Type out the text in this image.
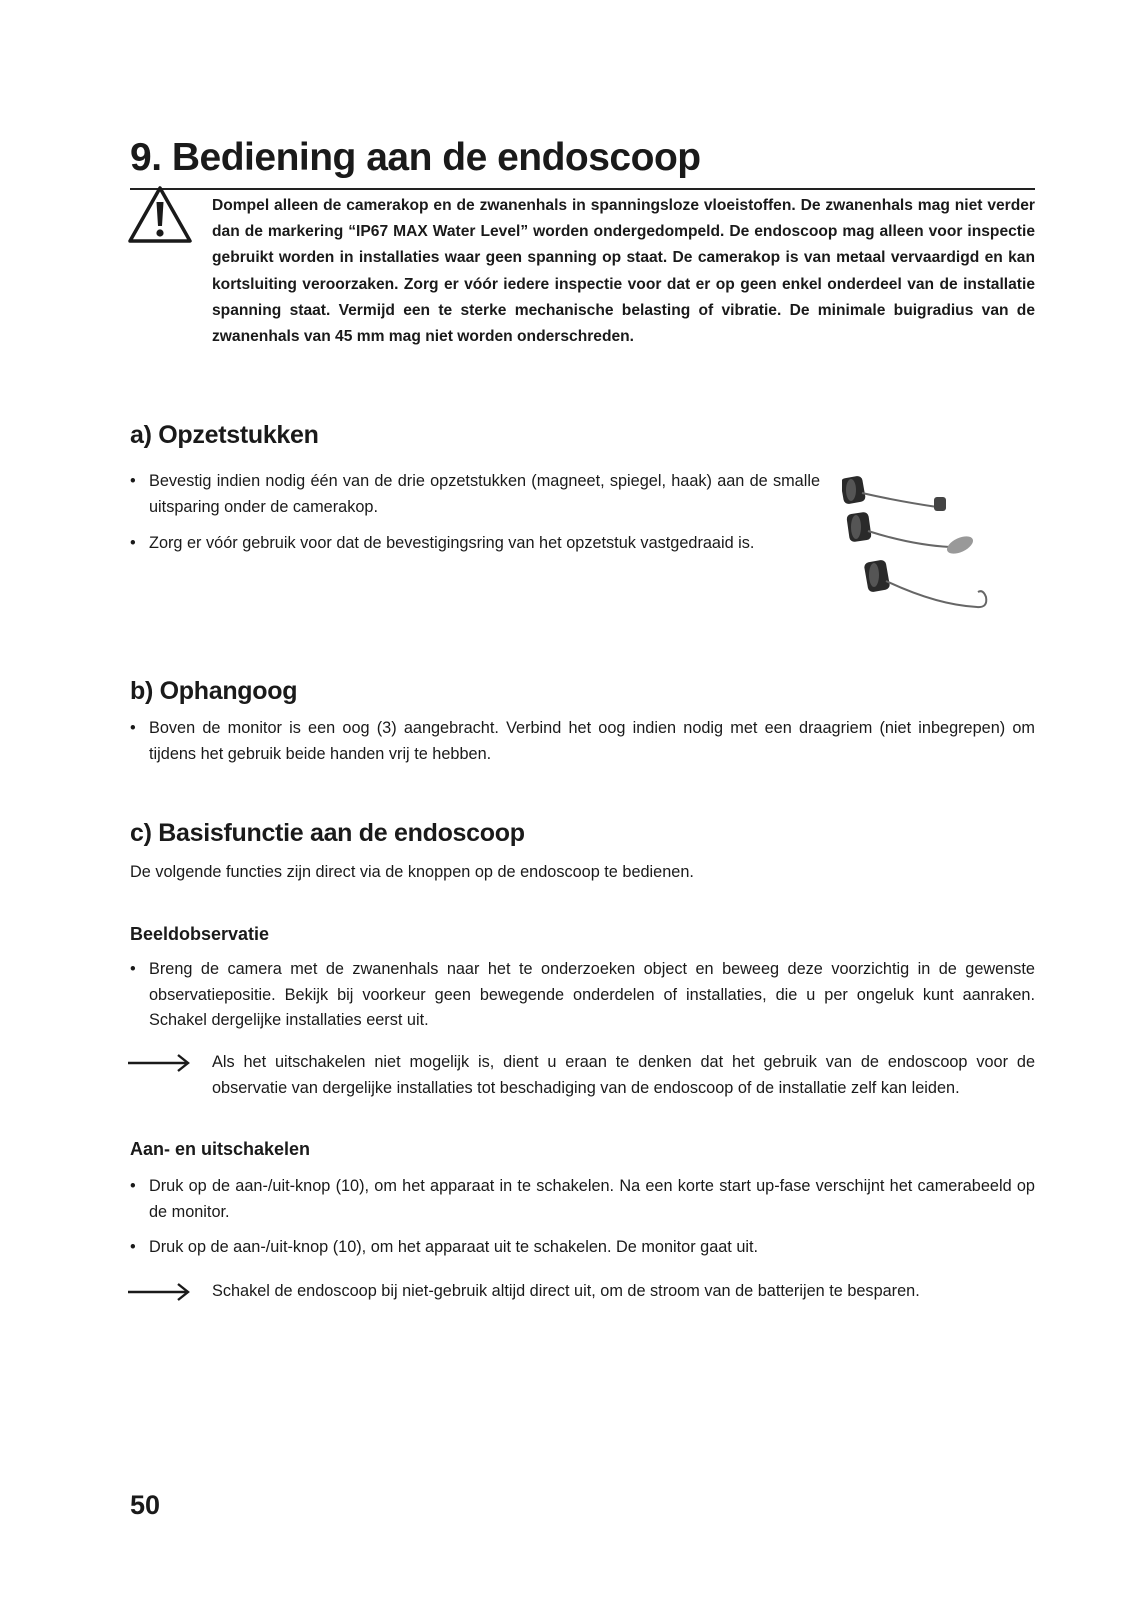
9. Bediening aan de endoscoop
Dompel alleen de camerakop en de zwanenhals in spanningsloze vloeistoffen. De zwanenhals mag niet verder dan de markering “IP67 MAX Water Level” worden ondergedompeld. De endoscoop mag alleen voor inspectie gebruikt worden in installaties waar geen spanning op staat. De camerakop is van metaal vervaardigd en kan kortsluiting veroorzaken. Zorg er vóór iedere inspectie voor dat er op geen enkel onderdeel van de installatie spanning staat. Vermijd een te sterke mechanische belasting of vibratie. De minimale buigradius van de zwanenhals van 45 mm mag niet worden onderschreden.
a) Opzetstukken
• Bevestig indien nodig één van de drie opzetstukken (magneet, spiegel, haak) aan de smalle uitsparing onder de camerakop.
• Zorg er vóór gebruik voor dat de bevestigingsring van het opzetstuk vastgedraaid is.
b) Ophangoog
• Boven de monitor is een oog (3) aangebracht. Verbind het oog indien nodig met een draagriem (niet inbegrepen) om tijdens het gebruik beide handen vrij te hebben.
c) Basisfunctie aan de endoscoop
De volgende functies zijn direct via de knoppen op de endoscoop te bedienen.
Beeldobservatie
• Breng de camera met de zwanenhals naar het te onderzoeken object en beweeg deze voorzichtig in de gewenste observatiepositie. Bekijk bij voorkeur geen bewegende onderdelen of installaties, die u per ongeluk kunt aanraken. Schakel dergelijke installaties eerst uit.
Als het uitschakelen niet mogelijk is, dient u eraan te denken dat het gebruik van de endoscoop voor de observatie van dergelijke installaties tot beschadiging van de endoscoop of de installatie zelf kan leiden.
Aan- en uitschakelen
• Druk op de aan-/uit-knop (10), om het apparaat in te schakelen. Na een korte start up-fase verschijnt het camerabeeld op de monitor.
• Druk op de aan-/uit-knop (10), om het apparaat uit te schakelen. De monitor gaat uit.
Schakel de endoscoop bij niet-gebruik altijd direct uit, om de stroom van de batterijen te besparen.
50
